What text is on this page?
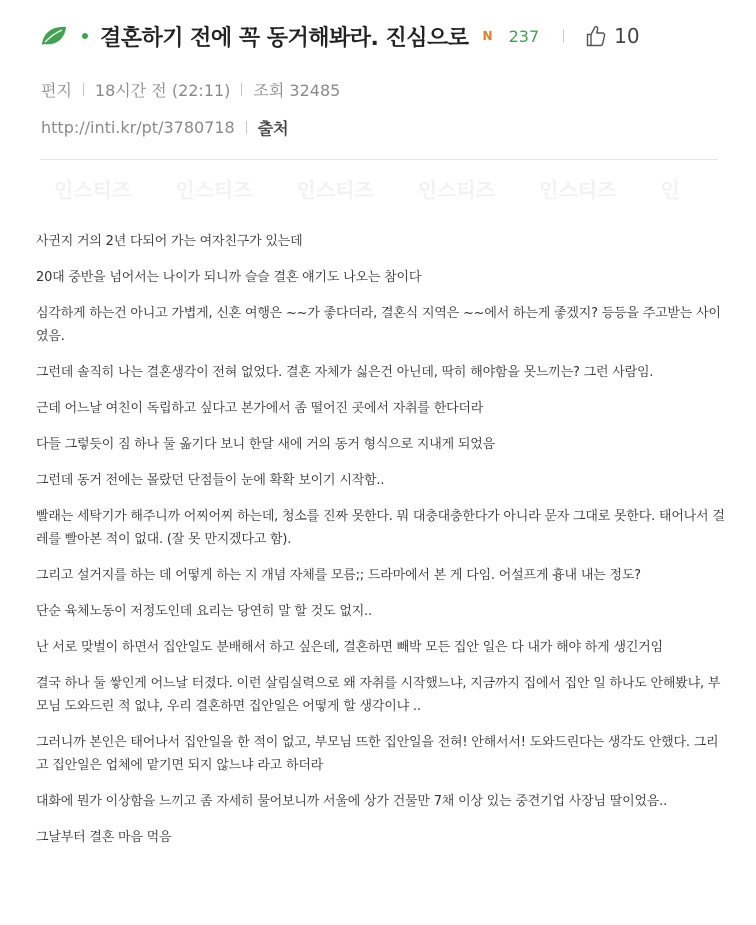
결혼하기 전에 꼭 동거해봐라. 진심으로 N 237	10
편지 18시간 전 (22:11) 조회 32485
http://inti.kr/pt/3780718 출처
인스티즈 인스티즈 인스티즈 인스티즈 인스티즈 인

사귄지 거의 2년 다되어 가는 여자친구가 있는데

20대 중반을 넘어서는 나이가 되니까 슬슬 결혼 얘기도 나오는 참이다

심각하게 하는건 아니고 가볍게, 신혼 여행은 ~~가 좋다더라, 결혼식 지역은 ~~에서 하는게 좋겠지? 등등을 주고받는 사이였음.

그런데 솔직히 나는 결혼생각이 전혀 없었다. 결혼 자체가 싫은건 아닌데, 딱히 해야함을 못느끼는? 그런 사람임.

근데 어느날 여친이 독립하고 싶다고 본가에서 좀 떨어진 곳에서 자취를 한다더라

다들 그렇듯이 짐 하나 둘 옮기다 보니 한달 새에 거의 동거 형식으로 지내게 되었음

그런데 동거 전에는 몰랐던 단점들이 눈에 확확 보이기 시작함..

빨래는 세탁기가 해주니까 어찌어찌 하는데, 청소를 진짜 못한다. 뭐 대충대충한다가 아니라 문자 그대로 못한다. 태어나서 걸레를 빨아본 적이 없대. (잘 못 만지겠다고 함).

그리고 설거지를 하는 데 어떻게 하는 지 개념 자체를 모름;; 드라마에서 본 게 다임. 어설프게 흉내 내는 정도?

단순 육체노동이 저정도인데 요리는 당연히 말 할 것도 없지..

난 서로 맞벌이 하면서 집안일도 분배해서 하고 싶은데, 결혼하면 빼박 모든 집안 일은 다 내가 해야 하게 생긴거임

결국 하나 둘 쌓인게 어느날 터졌다. 이런 살림실력으로 왜 자취를 시작했느냐, 지금까지 집에서 집안 일 하나도 안해봤냐, 부모님 도와드린 적 없냐, 우리 결혼하면 집안일은 어떻게 할 생각이냐 ..

그러니까 본인은 태어나서 집안일을 한 적이 없고, 부모님 뜨한 집안일을 전혀! 안해서서! 도와드린다는 생각도 안했다. 그리고 집안일은 업체에 맡기면 되지 않느냐 라고 하더라

대화에 뭔가 이상함을 느끼고 좀 자세히 물어보니까 서울에 상가 건물만 7채 이상 있는 중견기업 사장님 딸이었음..

그날부터 결혼 마음 먹음
